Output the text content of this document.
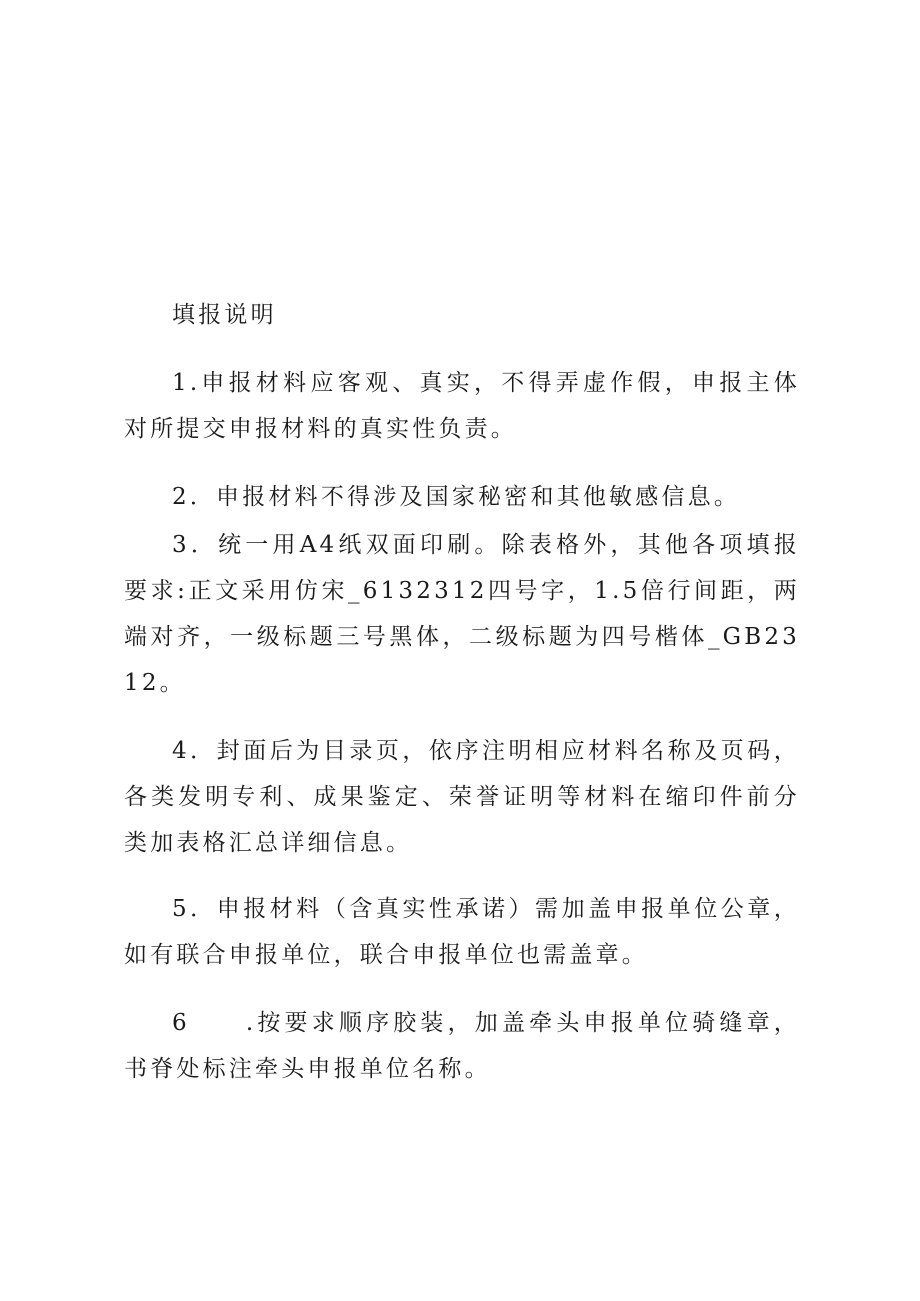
填报说明

1.申报材料应客观、真实，不得弄虚作假，申报主体对所提交申报材料的真实性负责。

2．申报材料不得涉及国家秘密和其他敏感信息。

3．统一用A4纸双面印刷。除表格外，其他各项填报要求:正文采用仿宋_6132312四号字，1.5倍行间距，两端对齐，一级标题三号黑体，二级标题为四号楷体_GB2312。

4．封面后为目录页，依序注明相应材料名称及页码，各类发明专利、成果鉴定、荣誉证明等材料在缩印件前分类加表格汇总详细信息。

5．申报材料（含真实性承诺）需加盖申报单位公章，如有联合申报单位，联合申报单位也需盖章。

6 .按要求顺序胶装，加盖牵头申报单位骑缝章，书脊处标注牵头申报单位名称。
